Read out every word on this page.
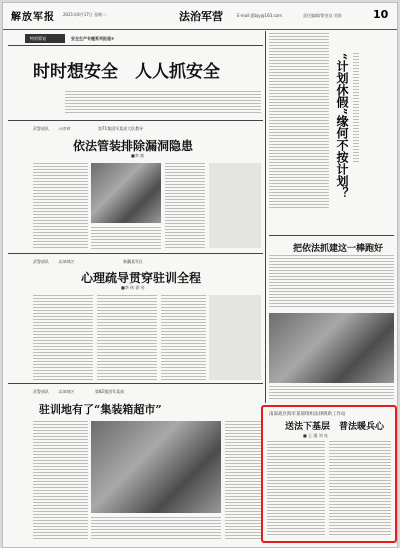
解放军报 2021年8月17日 星期二	法治军营	E-mail:jfjbjy@163.com	责任编辑/徐金良 刘涛	10
特别策划	安全生产专题系列报道④
时时想安全　人人抓安全
武警部队 云南省	第71集团军某部大队教导
依法管装排除漏洞隐患
■李 斌
武警部队 北部战区	新疆某军区
心理疏导贯穿驻训全程
■李 伟 郭 亮
武警部队 北部战区	第82集团军某部
驻训地有了“集装箱超市”
“计划休假”缘何不按计划？
把依法抓建这一棒跑好
南部战区海军某部组织法律援助工作站
送法下基层　普法暖兵心
■ 王 强 刘 亮
